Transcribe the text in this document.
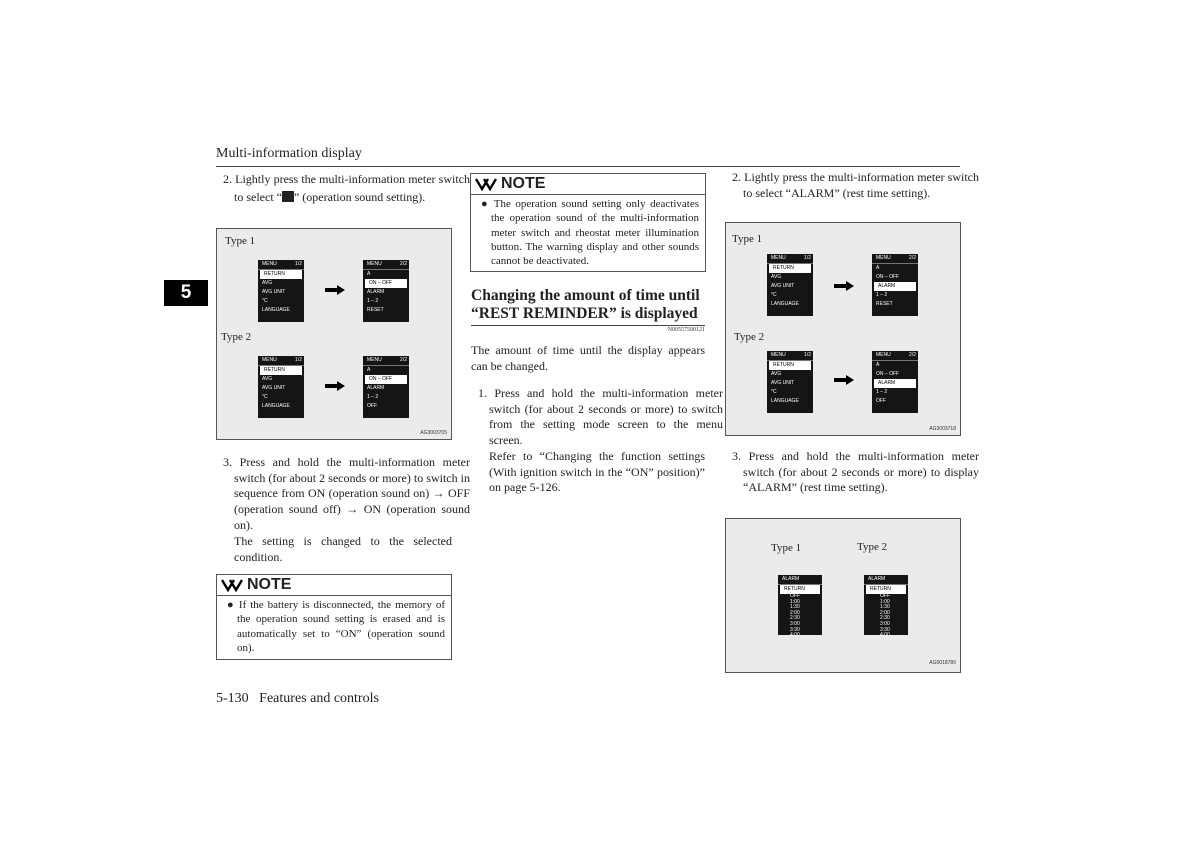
Multi-information display
5
2. Lightly press the multi-information meter switch to select “ ” (operation sound setting).
Type 1
Type 2
MENU	1/2
RETURN
AVG
AVG UNIT
°C
LANGUAGE
MENU	2/2
A
ON – OFF
ALARM
1 – 2
RESET
MENU	1/2
RETURN
AVG
AVG UNIT
°C
LANGUAGE
MENU	2/2
A
ON – OFF
ALARM
1 – 2
OFF
AG3003705
3. Press and hold the multi-information meter switch (for about 2 seconds or more) to switch in sequence from ON (operation sound on) → OFF (operation sound off) → ON (operation sound on).
The setting is changed to the selected condition.
NOTE
● If the battery is disconnected, the memory of the operation sound setting is erased and is automatically set to “ON” (operation sound on).
NOTE
● The operation sound setting only deactivates the operation sound of the multi-information meter switch and rheostat meter illumination button. The warning display and other sounds cannot be deactivated.
Changing the amount of time until “REST REMINDER” is displayed
N00557500121
The amount of time until the display appears can be changed.
1. Press and hold the multi-information meter switch (for about 2 seconds or more) to switch from the setting mode screen to the menu screen.
Refer to “Changing the function settings (With ignition switch in the “ON” position)” on page 5-126.
2. Lightly press the multi-information meter switch to select “ALARM” (rest time setting).
Type 1
Type 2
MENU	1/2
RETURN
AVG
AVG UNIT
°C
LANGUAGE
MENU	2/2
A
ON – OFF
ALARM
1 – 2
RESET
MENU	1/2
RETURN
AVG
AVG UNIT
°C
LANGUAGE
MENU	2/2
A
ON – OFF
ALARM
1 – 2
OFF
AG3003718
3. Press and hold the multi-information meter switch (for about 2 seconds or more) to display “ALARM” (rest time setting).
Type 1	Type 2
ALARM
RETURN
OFF
1:00
1:30
2:00
2:30
3:00
3:30
4:00
ALARM
RETURN
OFF
1:00
1:30
2:00
2:30
3:00
3:30
4:00
AG0018786
5-130 Features and controls
